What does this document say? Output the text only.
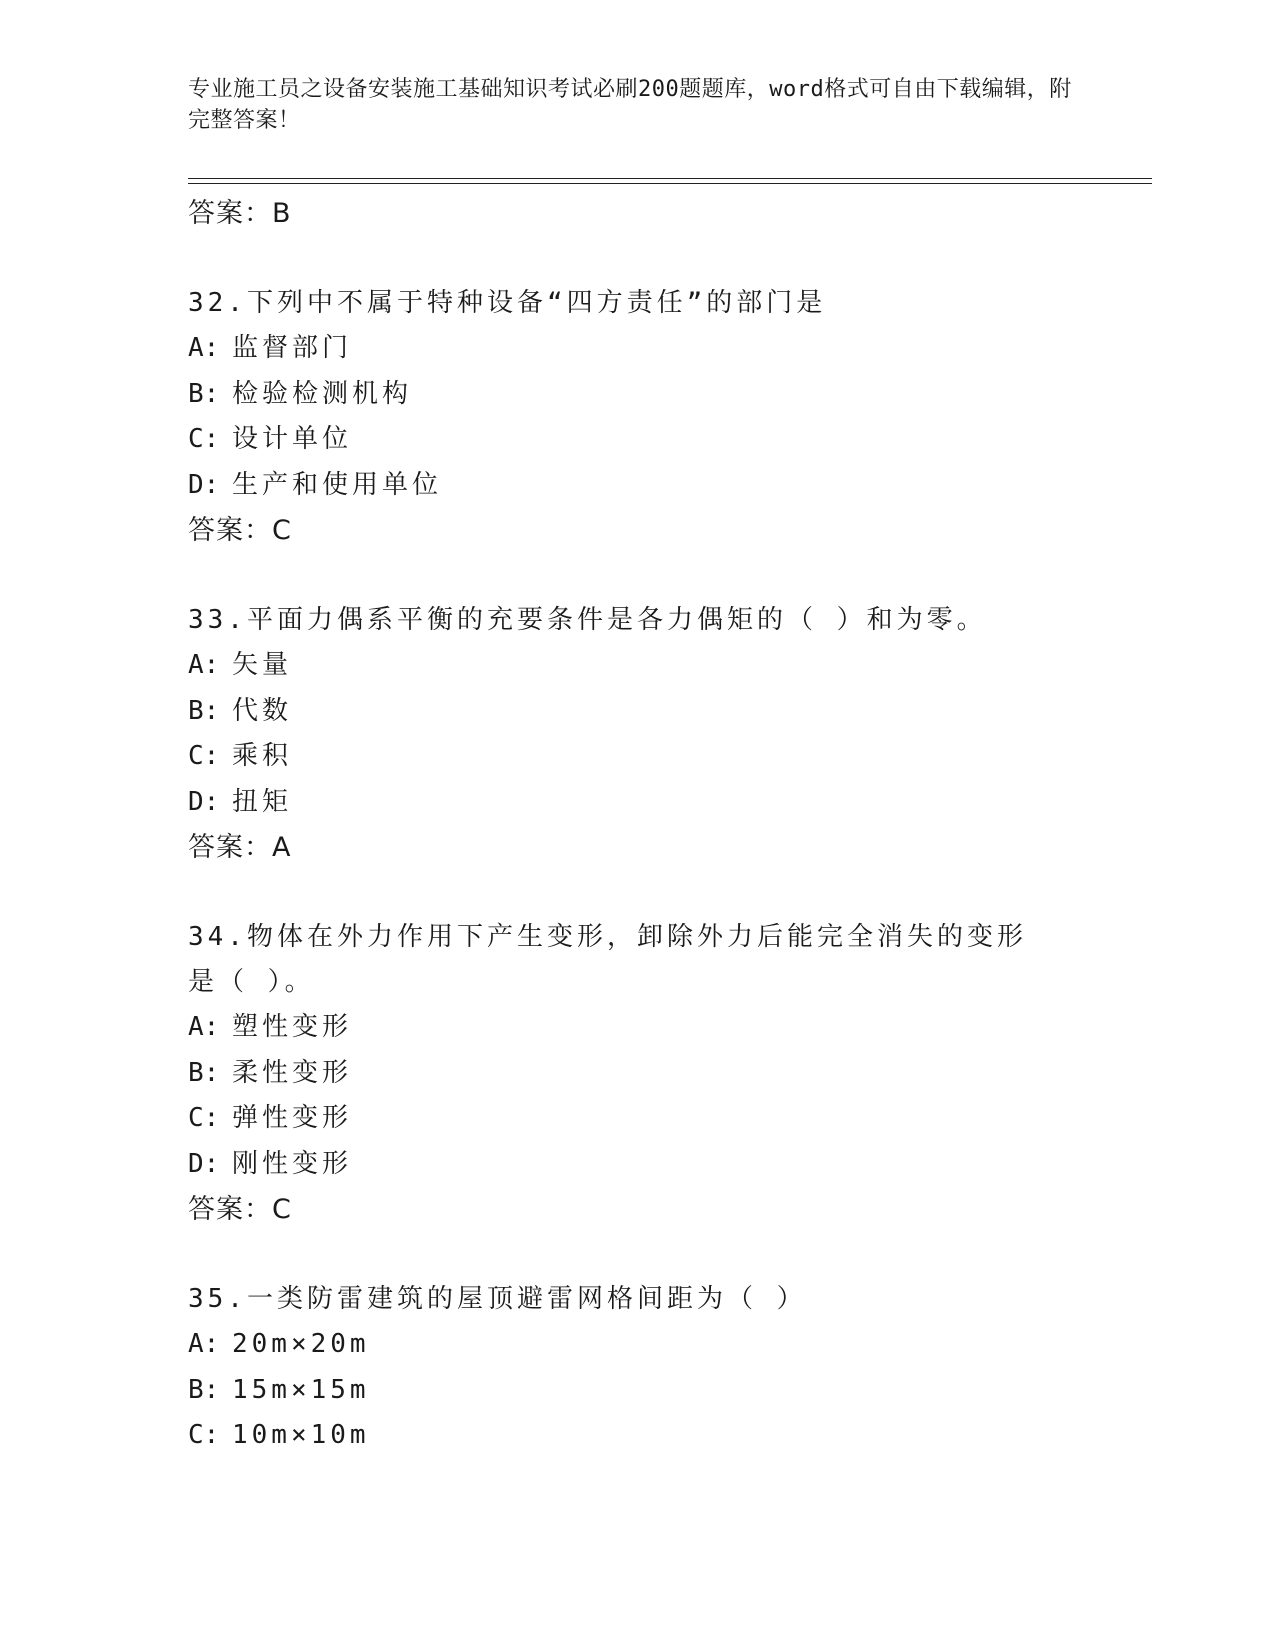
专业施工员之设备安装施工基础知识考试必刷200题题库，word格式可自由下载编辑，附完整答案！
答案：B
32.下列中不属于特种设备“四方责任”的部门是
A: 监督部门
B: 检验检测机构
C: 设计单位
D: 生产和使用单位
答案：C
33.平面力偶系平衡的充要条件是各力偶矩的（ ）和为零。
A: 矢量
B: 代数
C: 乘积
D: 扭矩
答案：A
34.物体在外力作用下产生变形，卸除外力后能完全消失的变形是（ ）。
A: 塑性变形
B: 柔性变形
C: 弹性变形
D: 刚性变形
答案：C
35.一类防雷建筑的屋顶避雷网格间距为（ ）
A: 20m×20m
B: 15m×15m
C: 10m×10m
